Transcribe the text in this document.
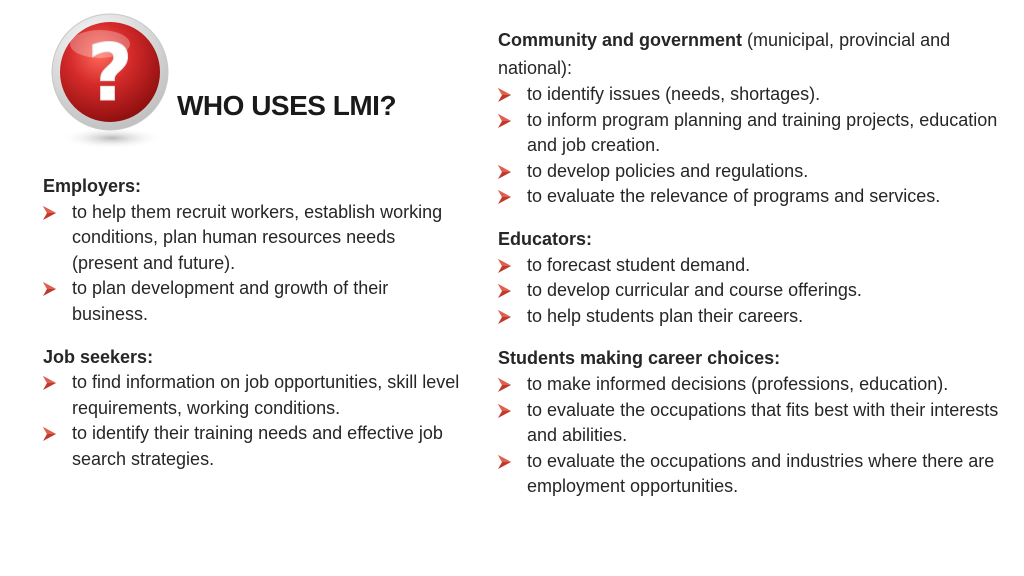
? WHO USES LMI?
Employers:
to help them recruit workers, establish working conditions, plan human resources needs (present and future).
to plan development and growth of their business.
Job seekers:
to find information on job opportunities, skill level requirements, working conditions.
to identify their training needs and effective job search strategies.
Community and government (municipal, provincial and national):
to identify issues (needs, shortages).
to inform program planning and training projects, education and job creation.
to develop policies and regulations.
to evaluate the relevance of programs and services.
Educators:
to forecast student demand.
to develop curricular and course offerings.
to help students plan their careers.
Students making career choices:
to make informed decisions (professions, education).
to evaluate the occupations that fits best with their interests and abilities.
to evaluate the occupations and industries where there are employment opportunities.
